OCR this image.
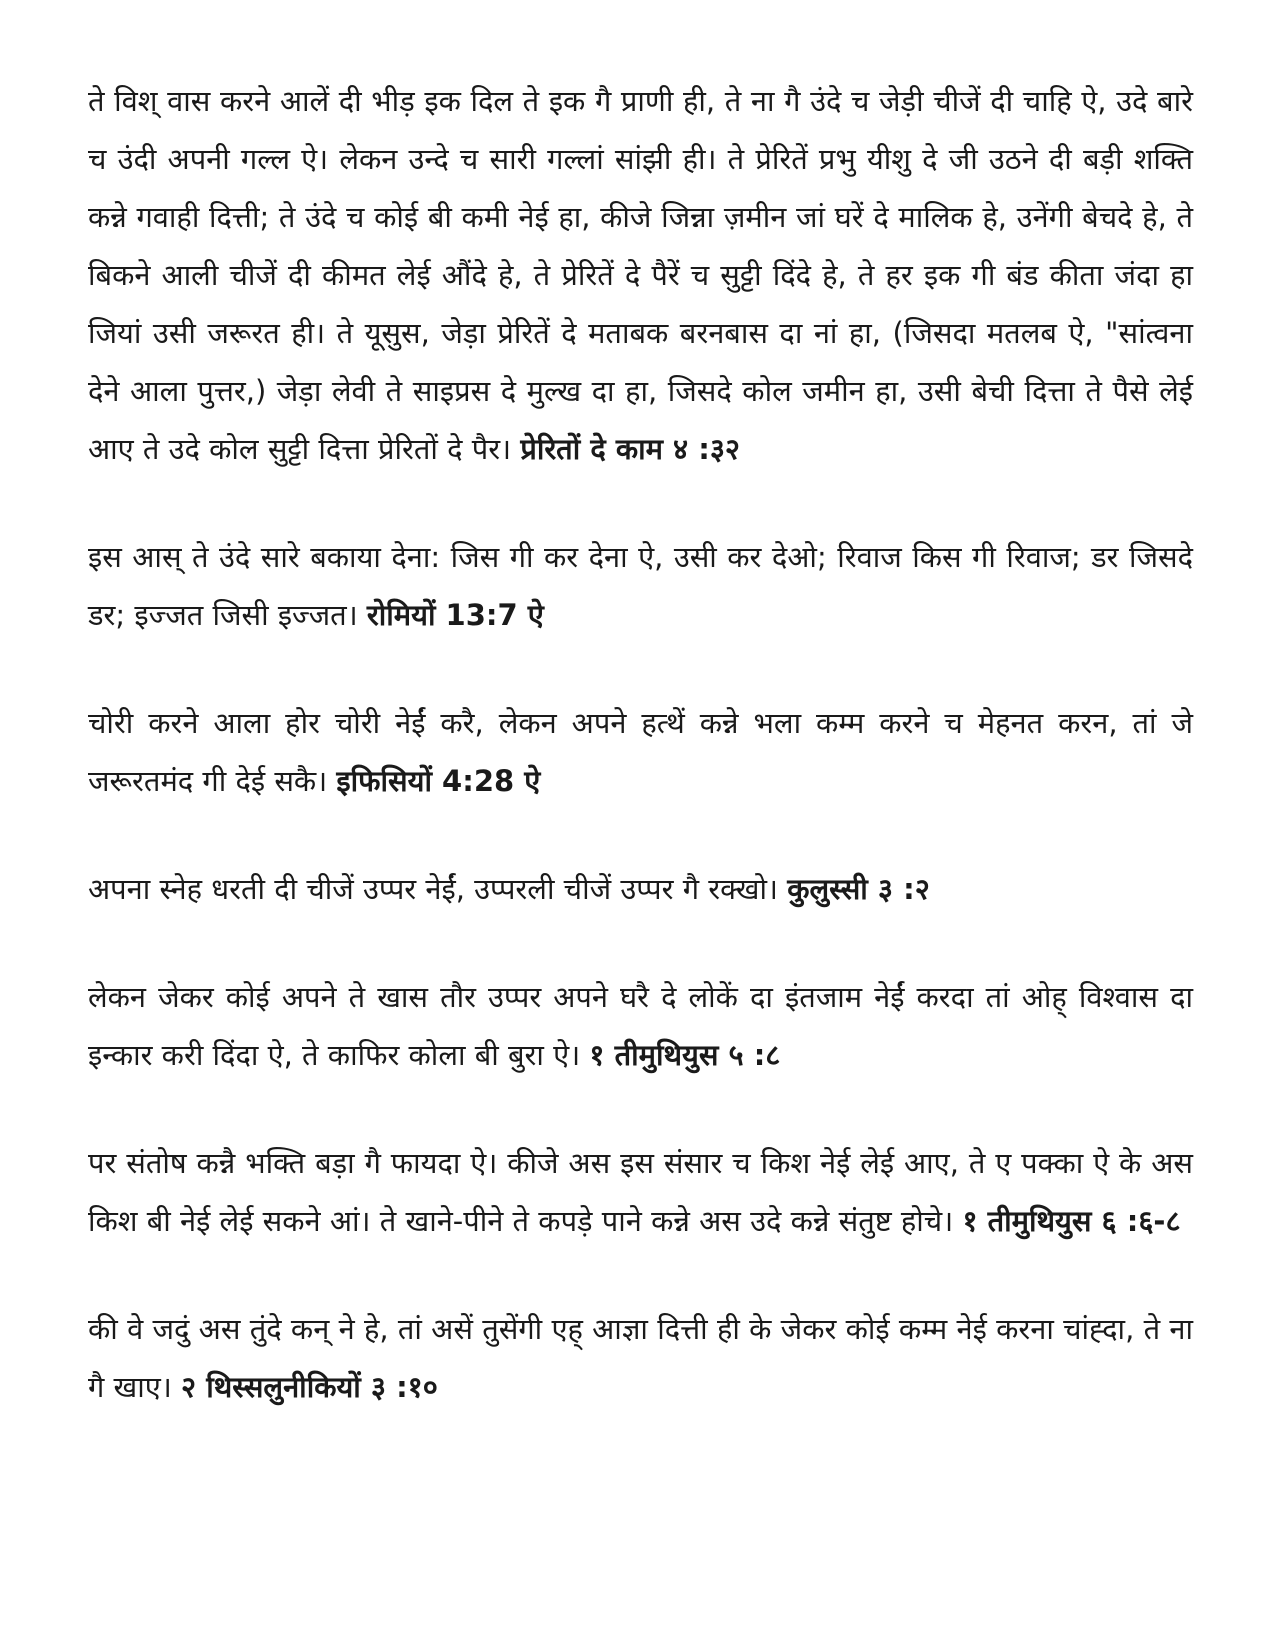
ते विश् वास करने आलें दी भीड़ इक दिल ते इक गै प्राणी ही, ते ना गै उंदे च जेड़ी चीजें दी चाहि ऐ, उदे बारे च उंदी अपनी गल्ल ऐ। लेकन उन्दे च सारी गल्लां सांझी ही। ते प्रेरितें प्रभु यीशु दे जी उठने दी बड़ी शक्ति कन्ने गवाही दित्ती; ते उंदे च कोई बी कमी नेई हा, कीजे जिन्ना ज़मीन जां घरें दे मालिक हे, उनेंगी बेचदे हे, ते बिकने आली चीजें दी कीमत लेई औंदे हे, ते प्रेरितें दे पैरें च सुट्टी दिंदे हे, ते हर इक गी बंड कीता जंदा हा जियां उसी जरूरत ही। ते यूसुस, जेड़ा प्रेरितें दे मताबक बरनबास दा नां हा, (जिसदा मतलब ऐ, "सांत्वना देने आला पुत्तर,) जेड़ा लेवी ते साइप्रस दे मुल्ख दा हा, जिसदे कोल जमीन हा, उसी बेची दित्ता ते पैसे लेई आए ते उदे कोल सुट्टी दित्ता प्रेरितों दे पैर। प्रेरितों दे काम ४ :३२

इस आस् ते उंदे सारे बकाया देना: जिस गी कर देना ऐ, उसी कर देओ; रिवाज किस गी रिवाज; डर जिसदे डर; इज्जत जिसी इज्जत। रोमियों 13:7 ऐ

चोरी करने आला होर चोरी नेईं करै, लेकन अपने हत्थें कन्ने भला कम्म करने च मेहनत करन, तां जे जरूरतमंद गी देई सकै। इफिसियों 4:28 ऐ

अपना स्नेह धरती दी चीजें उप्पर नेईं, उप्परली चीजें उप्पर गै रक्खो। कुलुस्सी ३ :२

लेकन जेकर कोई अपने ते खास तौर उप्पर अपने घरै दे लोकें दा इंतजाम नेईं करदा तां ओह् विश्वास दा इन्कार करी दिंदा ऐ, ते काफिर कोला बी बुरा ऐ। १ तीमुथियुस ५ :८

पर संतोष कन्नै भक्ति बड़ा गै फायदा ऐ। कीजे अस इस संसार च किश नेई लेई आए, ते ए पक्का ऐ के अस किश बी नेई लेई सकने आं। ते खाने-पीने ते कपड़े पाने कन्ने अस उदे कन्ने संतुष्ट होचे। १ तीमुथियुस ६ :६-८

की वे जदुं अस तुंदे कन् ने हे, तां असें तुसेंगी एह् आज्ञा दित्ती ही के जेकर कोई कम्म नेई करना चांह्दा, ते ना गै खाए। २ थिस्सलुनीकियों ३ :१०
